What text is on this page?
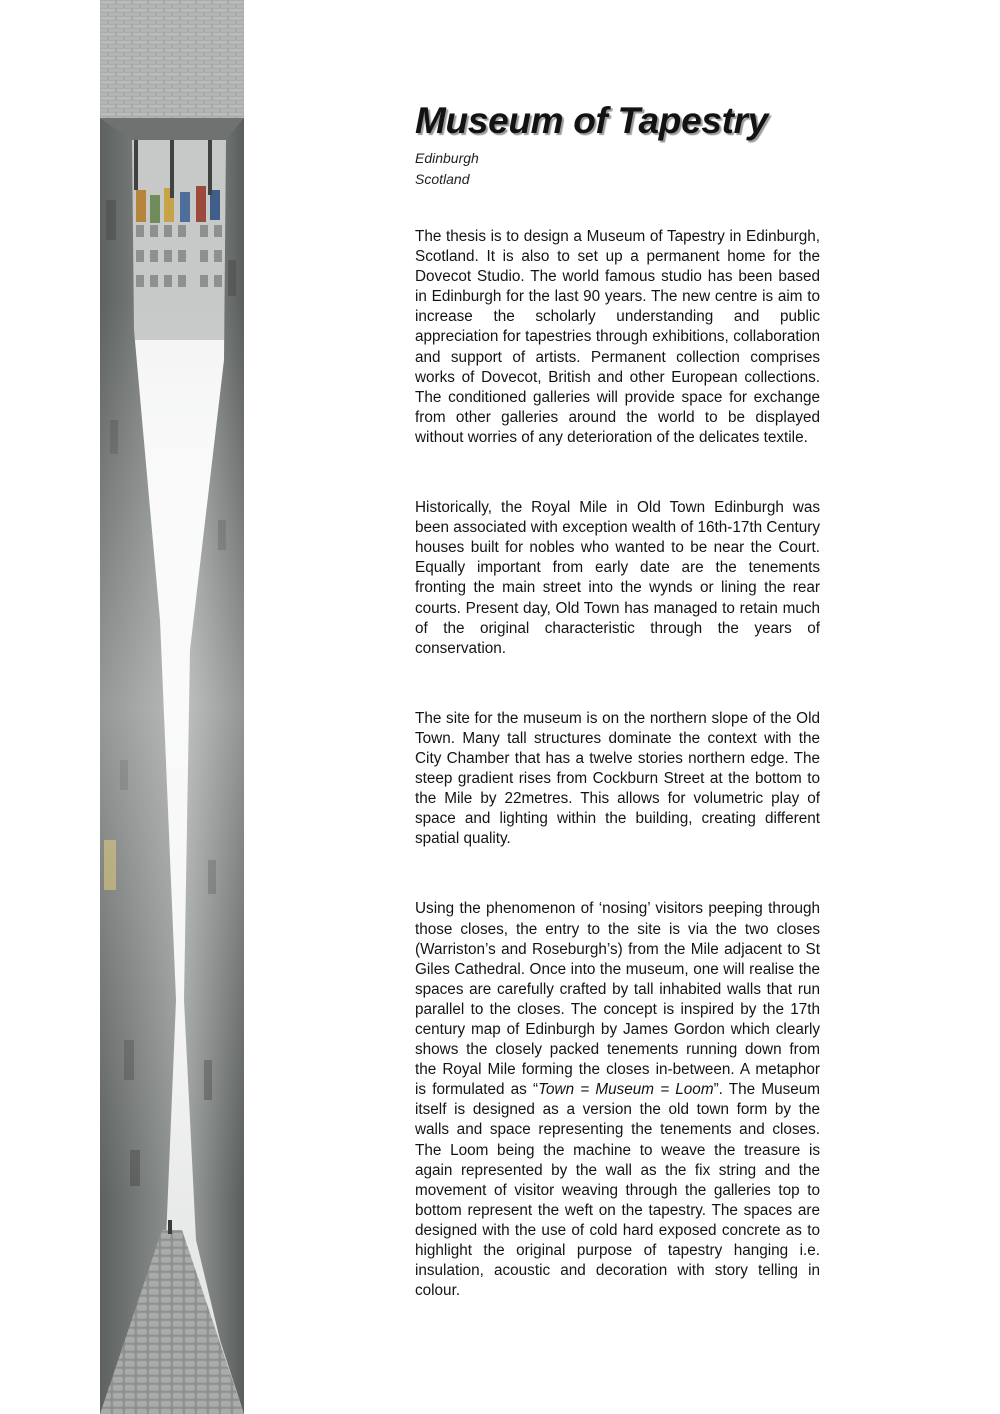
Museum of Tapestry
Edinburgh
Scotland

The thesis is to design a Museum of Tapestry in Edinburgh, Scotland. It is also to set up a permanent home for the Dovecot Studio. The world famous studio has been based in Edinburgh for the last 90 years. The new centre is aim to increase the scholarly understanding and public appreciation for tapestries through exhibitions, collaboration and support of artists. Permanent collection comprises works of Dovecot, British and other European collections. The conditioned galleries will provide space for exchange from other galleries around the world to be displayed without worries of any deterioration of the delicates textile.

Historically, the Royal Mile in Old Town Edinburgh was been associated with exception wealth of 16th-17th Century houses built for nobles who wanted to be near the Court. Equally important from early date are the tenements fronting the main street into the wynds or lining the rear courts. Present day, Old Town has managed to retain much of the original characteristic through the years of conservation.

The site for the museum is on the northern slope of the Old Town. Many tall structures dominate the context with the City Chamber that has a twelve stories northern edge. The steep gradient rises from Cockburn Street at the bottom to the Mile by 22metres. This allows for volumetric play of space and lighting within the building, creating different spatial quality.

Using the phenomenon of ‘nosing’ visitors peeping through those closes, the entry to the site is via the two closes (Warriston’s and Roseburgh’s) from the Mile adjacent to St Giles Cathedral. Once into the museum, one will realise the spaces are carefully crafted by tall inhabited walls that run parallel to the closes. The concept is inspired by the 17th century map of Edinburgh by James Gordon which clearly shows the closely packed tenements running down from the Royal Mile forming the closes in-between. A metaphor is formulated as “Town = Museum = Loom”. The Museum itself is designed as a version the old town form by the walls and space representing the tenements and closes. The Loom being the machine to weave the treasure is again represented by the wall as the fix string and the movement of visitor weaving through the galleries top to bottom represent the weft on the tapestry. The spaces are designed with the use of cold hard exposed concrete as to highlight the original purpose of tapestry hanging i.e. insulation, acoustic and decoration with story telling in colour.
